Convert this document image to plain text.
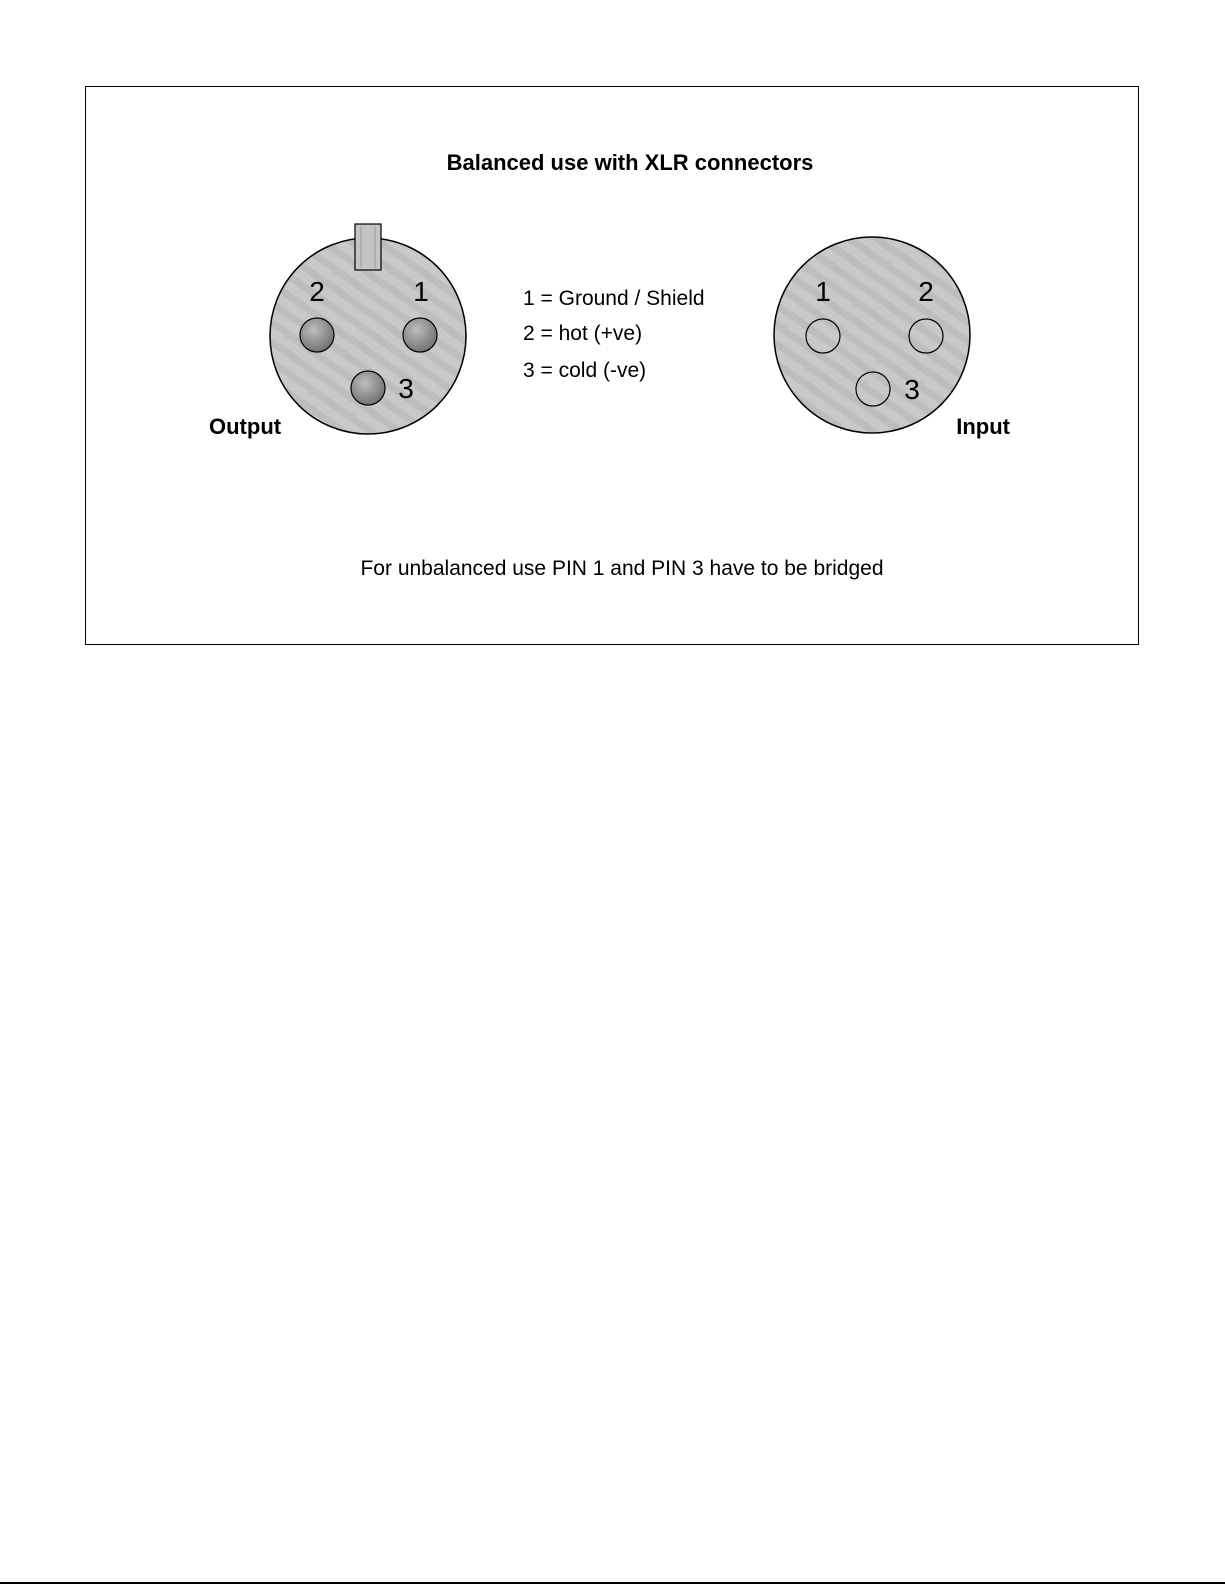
Balanced use with XLR connectors
2	1
3
Output
1 = Ground / Shield
2 = hot (+ve)
3 = cold (-ve)
1	2
3
Input
For unbalanced use PIN 1 and PIN 3 have to be bridged
